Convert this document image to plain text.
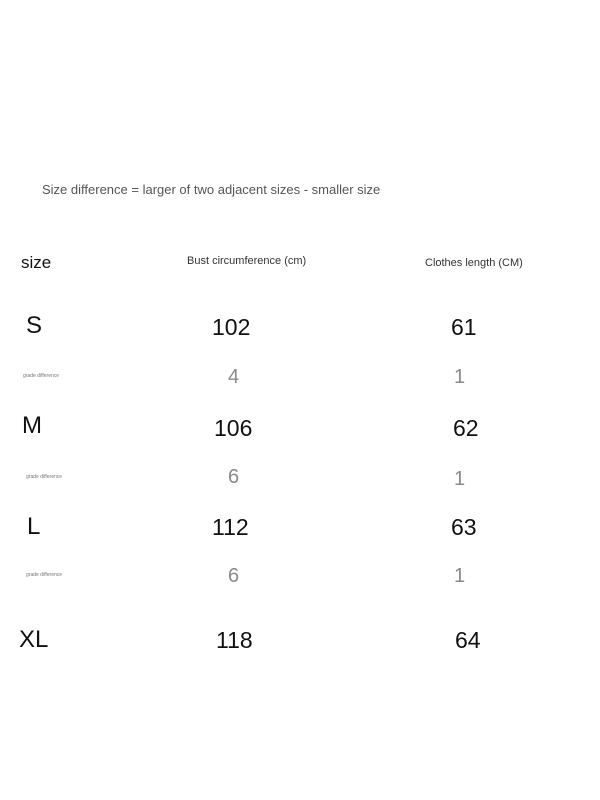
Size difference = larger of two adjacent sizes - smaller size
size	Bust circumference (cm)	Clothes length (CM)
S	102	61
grade difference	4	1
M	106	62
grade difference	6	1
L	112	63
grade difference	6	1
XL	118	64
